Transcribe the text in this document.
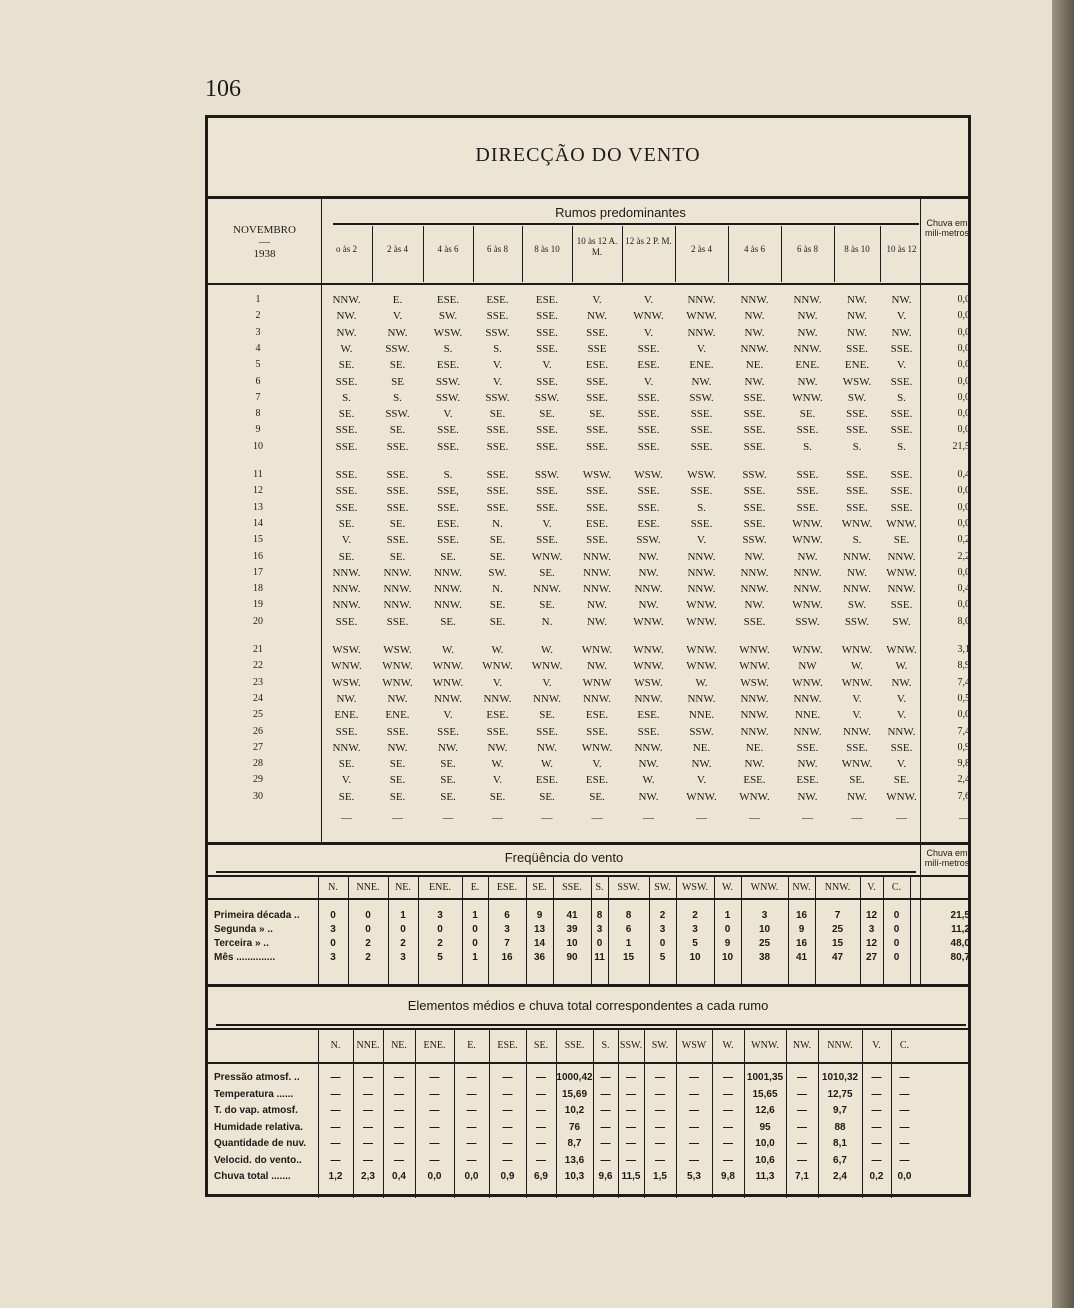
106
DIRECÇÃO DO VENTO
NOVEMBRO
—
1938
Rumos predominantes
Chuva em mili-metros
o às 2	2 às 4	4 às 6	6 às 8	8 às 10
10 às 12 A. M.
12 às 2 P. M.
2 às 4	4 às 6	6 às 8	8 às 10	10 às 12
1	NNW.	E.	ESE.	ESE.	ESE.	V.	V.	NNW.	NNW.	NNW.	NW.	NW.	0,0
2	NW.	V.	SW.	SSE.	SSE.	NW.	WNW.	WNW.	NW.	NW.	NW.	V.	0,0
3	NW.	NW.	WSW.	SSW.	SSE.	SSE.	V.	NNW.	NW.	NW.	NW.	NW.	0,0
4	W.	SSW.	S.	S.	SSE.	SSE	SSE.	V.	NNW.	NNW.	SSE.	SSE.	0,0
5	SE.	SE.	ESE.	V.	V.	ESE.	ESE.	ENE.	NE.	ENE.	ENE.	V.	0,0
6	SSE.	SE	SSW.	V.	SSE.	SSE.	V.	NW.	NW.	NW.	WSW.	SSE.	0,0
7	S.	S.	SSW.	SSW.	SSW.	SSE.	SSE.	SSW.	SSE.	WNW.	SW.	S.	0,0
8	SE.	SSW.	V.	SE.	SE.	SE.	SSE.	SSE.	SSE.	SE.	SSE.	SSE.	0,0
9	SSE.	SE.	SSE.	SSE.	SSE.	SSE.	SSE.	SSE.	SSE.	SSE.	SSE.	SSE.	0,0
10	SSE.	SSE.	SSE.	SSE.	SSE.	SSE.	SSE.	SSE.	SSE.	S.	S.	S.	21,5
11	SSE.	SSE.	S.	SSE.	SSW.	WSW.	WSW.	WSW.	SSW.	SSE.	SSE.	SSE.	0,4
12	SSE.	SSE.	SSE,	SSE.	SSE.	SSE.	SSE.	SSE.	SSE.	SSE.	SSE.	SSE.	0,0
13	SSE.	SSE.	SSE.	SSE.	SSE.	SSE.	SSE.	S.	SSE.	SSE.	SSE.	SSE.	0,0
14	SE.	SE.	ESE.	N.	V.	ESE.	ESE.	SSE.	SSE.	WNW.	WNW.	WNW.	0,0
15	V.	SSE.	SSE.	SE.	SSE.	SSE.	SSW.	V.	SSW.	WNW.	S.	SE.	0,2
16	SE.	SE.	SE.	SE.	WNW.	NNW.	NW.	NNW.	NW.	NW.	NNW.	NNW.	2,2
17	NNW.	NNW.	NNW.	SW.	SE.	NNW.	NW.	NNW.	NNW.	NNW.	NW.	WNW.	0,0
18	NNW.	NNW.	NNW.	N.	NNW.	NNW.	NNW.	NNW.	NNW.	NNW.	NNW.	NNW.	0,4
19	NNW.	NNW.	NNW.	SE.	SE.	NW.	NW.	WNW.	NW.	WNW.	SW.	SSE.	0,0
20	SSE.	SSE.	SE.	SE.	N.	NW.	WNW.	WNW.	SSE.	SSW.	SSW.	SW.	8,0
21	WSW.	WSW.	W.	W.	W.	WNW.	WNW.	WNW.	WNW.	WNW.	WNW.	WNW.	3,1
22	WNW.	WNW.	WNW.	WNW.	WNW.	NW.	WNW.	WNW.	WNW.	NW	W.	W.	8,9
23	WSW.	WNW.	WNW.	V.	V.	WNW	WSW.	W.	WSW.	WNW.	WNW.	NW.	7,4
24	NW.	NW.	NNW.	NNW.	NNW.	NNW.	NNW.	NNW.	NNW.	NNW.	V.	V.	0,5
25	ENE.	ENE.	V.	ESE.	SE.	ESE.	ESE.	NNE.	NNW.	NNE.	V.	V.	0,0
26	SSE.	SSE.	SSE.	SSE.	SSE.	SSE.	SSE.	SSW.	NNW.	NNW.	NNW.	NNW.	7,4
27	NNW.	NW.	NW.	NW.	NW.	WNW.	NNW.	NE.	NE.	SSE.	SSE.	SSE.	0,9
28	SE.	SE.	SE.	W.	W.	V.	NW.	NW.	NW.	NW.	WNW.	V.	9,8
29	V.	SE.	SE.	V.	ESE.	ESE.	W.	V.	ESE.	ESE.	SE.	SE.	2,4
30	SE.	SE.	SE.	SE.	SE.	SE.	NW.	WNW.	WNW.	NW.	NW.	WNW.	7,6
—	—	—	—	—	—	—	—	—	—	—	—	—
Freqüência do vento	Chuva em milí-metros
N.	NNE.	NE.	ENE.	E.	ESE.	SE.	SSE.	S.	SSW.	SW.	WSW.	W.	WNW.	NW.	NNW.	V.	C.
Primeira década ..	0	0	1	3	1	6	9	41	8	8	2	2	1	3	16	7	12	0	21,5
Segunda » ..	3	0	0	0	0	3	13	39	3	6	3	3	0	10	9	25	3	0	11,2
Terceira » ..	0	2	2	2	0	7	14	10	0	1	0	5	9	25	16	15	12	0	48,0
Mês ..............	3	2	3	5	1	16	36	90	11	15	5	10	10	38	41	47	27	0	80,7
Elementos médios e chuva total correspondentes a cada rumo
N.	NNE.	NE.	ENE.	E.	ESE.	SE.	SSE.	S.	SSW. SW.	WSW	W.	WNW.	NW.	NNW.	V.	C.
Pressão atmosf. ..	—	—	—	—	—	—	—	1000,42 —	—	—	—	—	1001,35	—	1010,32	—	—
Temperatura ......	—	—	—	—	—	—	—	15,69	—	—	—	—	—	15,65	—	12,75	—	—
T. do vap. atmosf.	—	—	—	—	—	—	—	10,2	—	—	—	—	—	12,6	—	9,7	—	—
Humidade relativa.	—	—	—	—	—	—	—	76	—	—	—	—	—	95	—	88	—	—
Quantidade de nuv.	—	—	—	—	—	—	—	8,7	—	—	—	—	—	10,0	—	8,1	—	—
Velocid. do vento..	—	—	—	—	—	—	—	13,6	—	—	—	—	—	10,6	—	6,7	—	—
Chuva total .......	1,2	2,3	0,4	0,0	0,0	0,9	6,9	10,3	9,6 11,5	1,5	5,3	9,8	11,3	7,1	2,4	0,2	0,0
